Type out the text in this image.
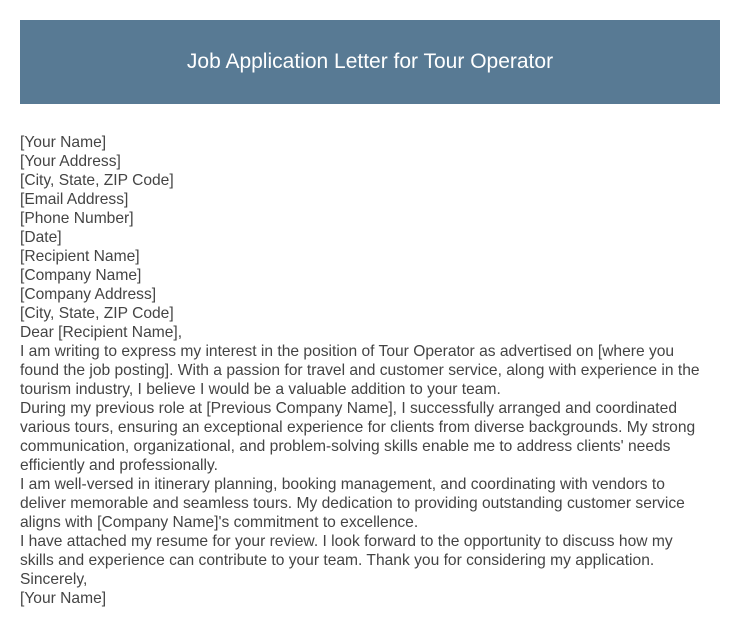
Job Application Letter for Tour Operator
[Your Name]
[Your Address]
[City, State, ZIP Code]
[Email Address]
[Phone Number]
[Date]
[Recipient Name]
[Company Name]
[Company Address]
[City, State, ZIP Code]
Dear [Recipient Name],
I am writing to express my interest in the position of Tour Operator as advertised on [where you
found the job posting]. With a passion for travel and customer service, along with experience in the
tourism industry, I believe I would be a valuable addition to your team.
During my previous role at [Previous Company Name], I successfully arranged and coordinated
various tours, ensuring an exceptional experience for clients from diverse backgrounds. My strong
communication, organizational, and problem-solving skills enable me to address clients' needs
efficiently and professionally.
I am well-versed in itinerary planning, booking management, and coordinating with vendors to
deliver memorable and seamless tours. My dedication to providing outstanding customer service
aligns with [Company Name]'s commitment to excellence.
I have attached my resume for your review. I look forward to the opportunity to discuss how my
skills and experience can contribute to your team. Thank you for considering my application.
Sincerely,
[Your Name]
